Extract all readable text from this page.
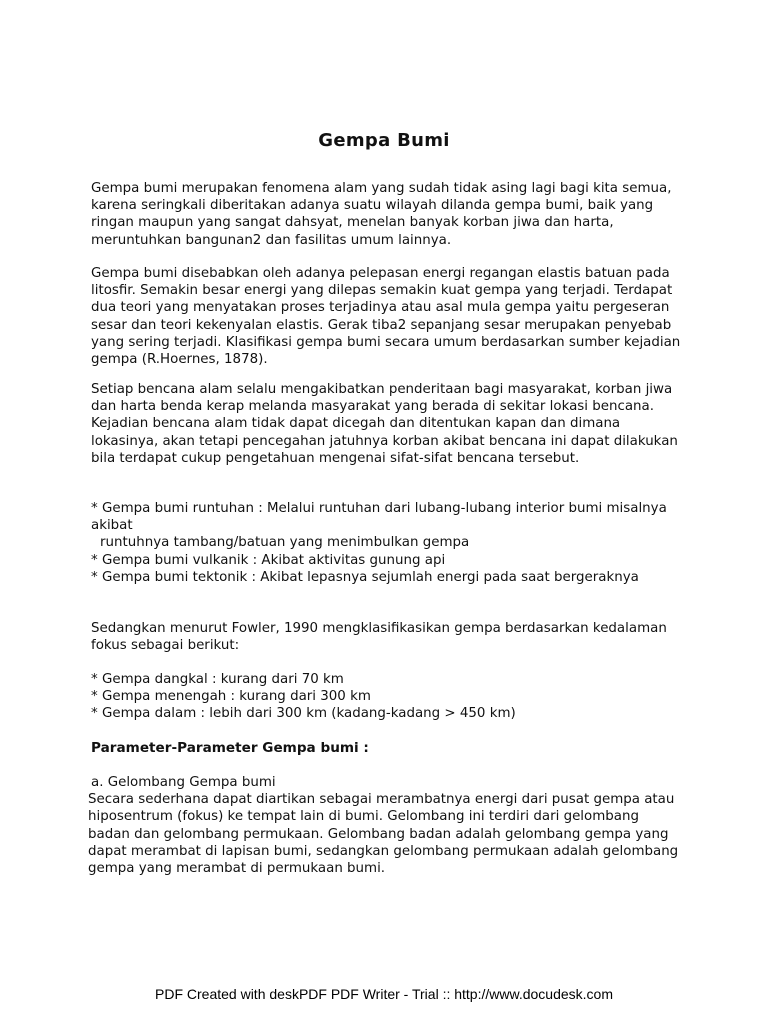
Gempa Bumi
Gempa bumi merupakan fenomena alam yang sudah tidak asing lagi bagi kita semua,
karena seringkali diberitakan adanya suatu wilayah dilanda gempa bumi, baik yang
ringan maupun yang sangat dahsyat, menelan banyak korban jiwa dan harta,
meruntuhkan bangunan2 dan fasilitas umum lainnya.
Gempa bumi disebabkan oleh adanya pelepasan energi regangan elastis batuan pada
litosfir. Semakin besar energi yang dilepas semakin kuat gempa yang terjadi. Terdapat
dua teori yang menyatakan proses terjadinya atau asal mula gempa yaitu pergeseran
sesar dan teori kekenyalan elastis. Gerak tiba2 sepanjang sesar merupakan penyebab
yang sering terjadi. Klasifikasi gempa bumi secara umum berdasarkan sumber kejadian
gempa (R.Hoernes, 1878).
Setiap bencana alam selalu mengakibatkan penderitaan bagi masyarakat, korban jiwa
dan harta benda kerap melanda masyarakat yang berada di sekitar lokasi bencana.
Kejadian bencana alam tidak dapat dicegah dan ditentukan kapan dan dimana
lokasinya, akan tetapi pencegahan jatuhnya korban akibat bencana ini dapat dilakukan
bila terdapat cukup pengetahuan mengenai sifat-sifat bencana tersebut.
* Gempa bumi runtuhan : Melalui runtuhan dari lubang-lubang interior bumi misalnya
akibat
runtuhnya tambang/batuan yang menimbulkan gempa
* Gempa bumi vulkanik : Akibat aktivitas gunung api
* Gempa bumi tektonik : Akibat lepasnya sejumlah energi pada saat bergeraknya
Sedangkan menurut Fowler, 1990 mengklasifikasikan gempa berdasarkan kedalaman
fokus sebagai berikut:
* Gempa dangkal : kurang dari 70 km
* Gempa menengah : kurang dari 300 km
* Gempa dalam : lebih dari 300 km (kadang-kadang > 450 km)
Parameter-Parameter Gempa bumi :
a. Gelombang Gempa bumi
Secara sederhana dapat diartikan sebagai merambatnya energi dari pusat gempa atau
hiposentrum (fokus) ke tempat lain di bumi. Gelombang ini terdiri dari gelombang
badan dan gelombang permukaan. Gelombang badan adalah gelombang gempa yang
dapat merambat di lapisan bumi, sedangkan gelombang permukaan adalah gelombang
gempa yang merambat di permukaan bumi.
PDF Created with deskPDF PDF Writer - Trial :: http://www.docudesk.com
